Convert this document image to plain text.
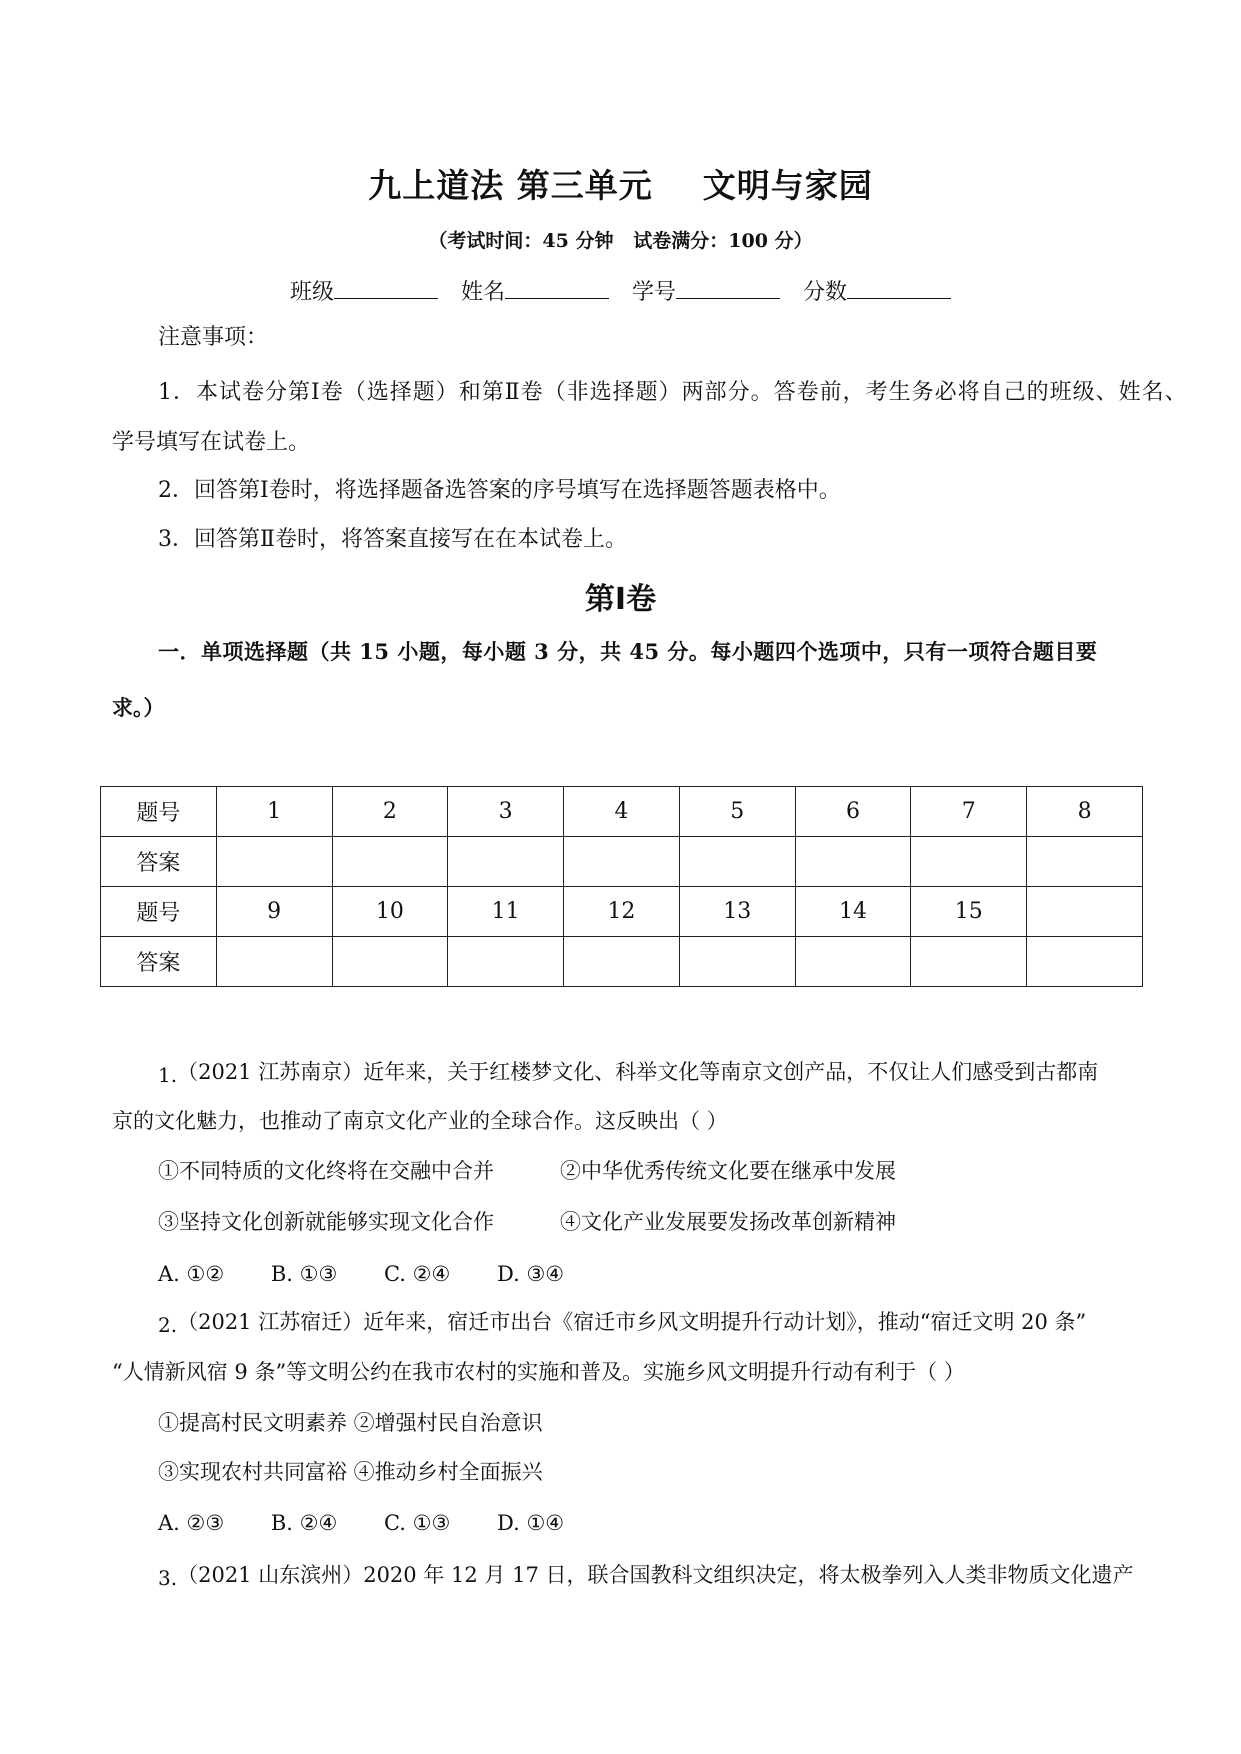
九上道法 第三单元    文明与家园
（考试时间：45 分钟   试卷满分：100 分）
班级	姓名	学号	分数
注意事项：
1．本试卷分第Ⅰ卷（选择题）和第Ⅱ卷（非选择题）两部分。答卷前，考生务必将自己的班级、姓名、
学号填写在试卷上。
2．回答第Ⅰ卷时，将选择题备选答案的序号填写在选择题答题表格中。
3．回答第Ⅱ卷时，将答案直接写在在本试卷上。
第Ⅰ卷
一．单项选择题（共 15 小题，每小题 3 分，共 45 分。每小题四个选项中，只有一项符合题目要
求。）
题号	1	2	3	4	5	6	7	8
答案								
题号	9	10	11	12	13	14	15	
答案								
1.（2021 江苏南京）近年来，关于红楼梦文化、科举文化等南京文创产品，不仅让人们感受到古都南
京的文化魅力，也推动了南京文化产业的全球合作。这反映出（ ）
①不同特质的文化终将在交融中合并	②中华优秀传统文化要在继承中发展
③坚持文化创新就能够实现文化合作	④文化产业发展要发扬改革创新精神
A. ①② B. ①③ C. ②④ D. ③④
2.（2021 江苏宿迁）近年来，宿迁市出台《宿迁市乡风文明提升行动计划》，推动“宿迁文明 20 条”
“人情新风宿 9 条”等文明公约在我市农村的实施和普及。实施乡风文明提升行动有利于（ ）
①提高村民文明素养 ②增强村民自治意识
③实现农村共同富裕 ④推动乡村全面振兴
A. ②③ B. ②④ C. ①③ D. ①④
3.（2021 山东滨州）2020 年 12 月 17 日，联合国教科文组织决定，将太极拳列入人类非物质文化遗产
